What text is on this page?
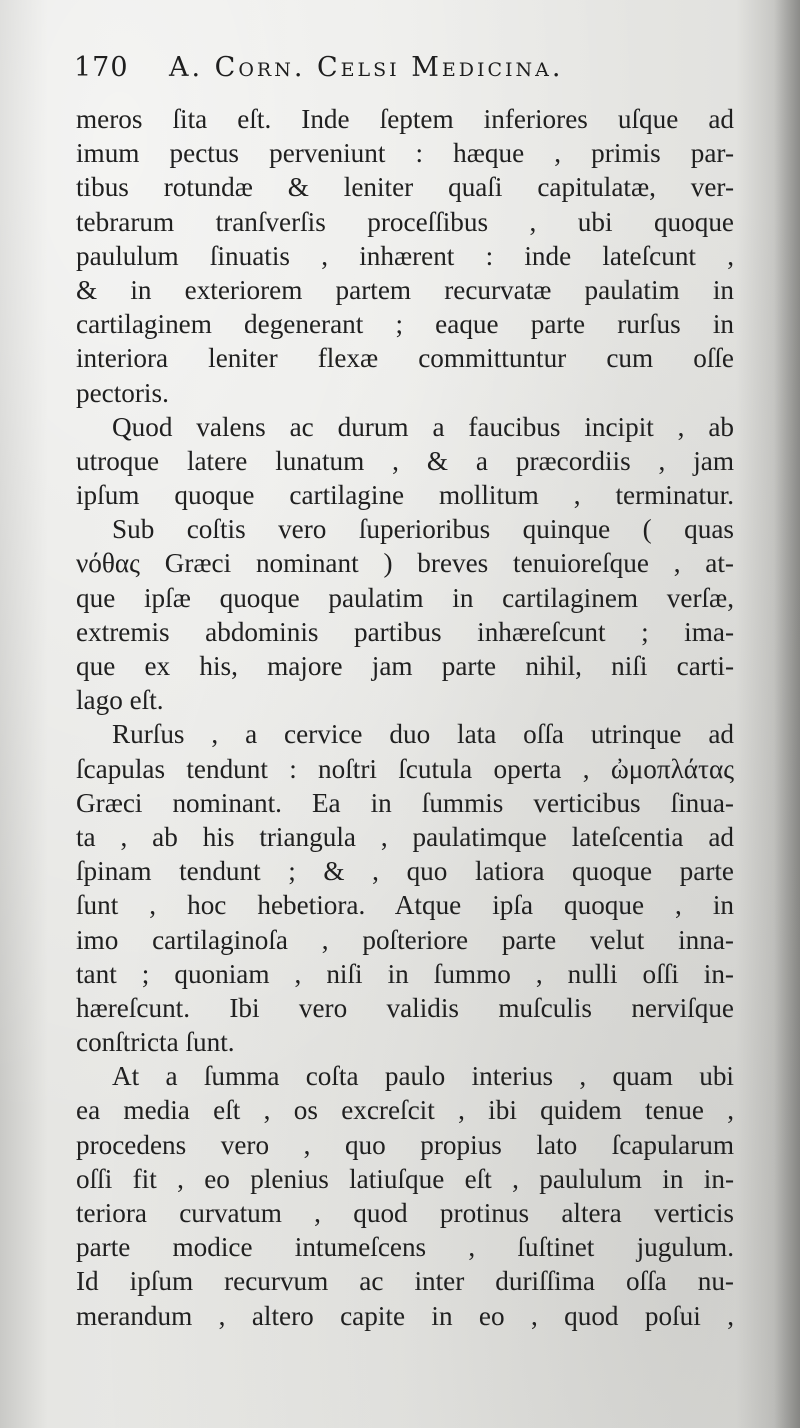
170 A. Corn. Celsi Medicina.
meros ſita eſt. Inde ſeptem inferiores uſque ad
imum pectus perveniunt : hæque , primis par-
tibus rotundæ & leniter quaſi capitulatæ, ver-
tebrarum tranſverſis proceſſibus , ubi quoque
paululum ſinuatis , inhærent : inde lateſcunt ,
& in exteriorem partem recurvatæ paulatim in
cartilaginem degenerant ; eaque parte rurſus in
interiora leniter flexæ committuntur cum oſſe
pectoris.
Quod valens ac durum a faucibus incipit , ab
utroque latere lunatum , & a præcordiis , jam
ipſum quoque cartilagine mollitum , terminatur.
Sub coſtis vero ſuperioribus quinque ( quas
νόθας Græci nominant ) breves tenuioreſque , at-
que ipſæ quoque paulatim in cartilaginem verſæ,
extremis abdominis partibus inhæreſcunt ; ima-
que ex his, majore jam parte nihil, niſi carti-
lago eſt.
Rurſus , a cervice duo lata oſſa utrinque ad
ſcapulas tendunt : noſtri ſcutula operta , ὠμοπλάτας
Græci nominant. Ea in ſummis verticibus ſinua-
ta , ab his triangula , paulatimque lateſcentia ad
ſpinam tendunt ; & , quo latiora quoque parte
ſunt , hoc hebetiora. Atque ipſa quoque , in
imo cartilaginoſa , poſteriore parte velut inna-
tant ; quoniam , niſi in ſummo , nulli oſſi in-
hæreſcunt. Ibi vero validis muſculis nerviſque
conſtricta ſunt.
At a ſumma coſta paulo interius , quam ubi
ea media eſt , os excreſcit , ibi quidem tenue ,
procedens vero , quo propius lato ſcapularum
oſſi fit , eo plenius latiuſque eſt , paululum in in-
teriora curvatum , quod protinus altera verticis
parte modice intumeſcens , ſuſtinet jugulum.
Id ipſum recurvum ac inter duriſſima oſſa nu-
merandum , altero capite in eo , quod poſui ,
